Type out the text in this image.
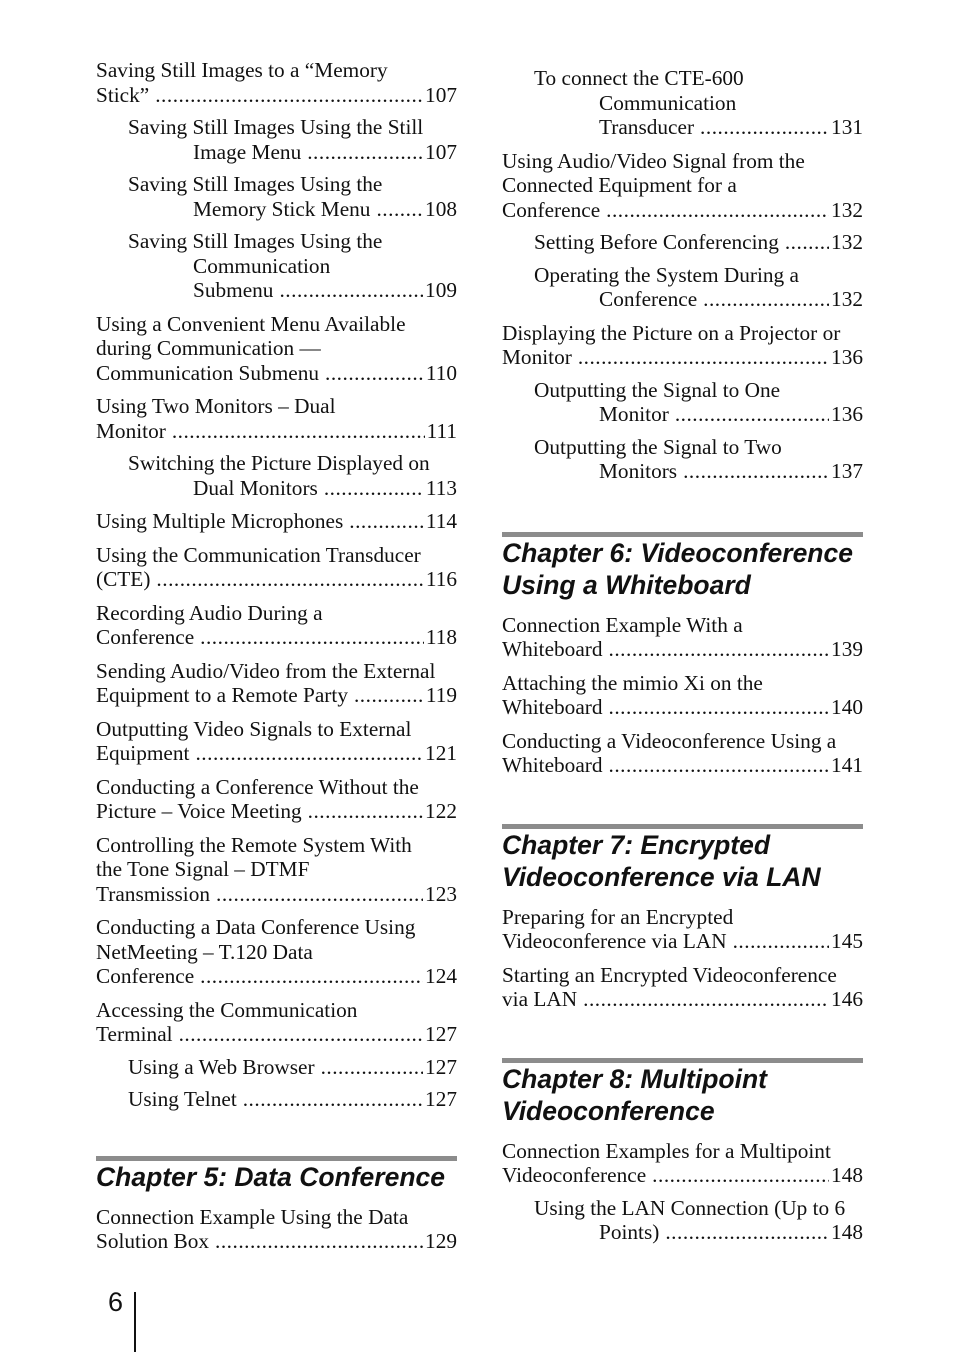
Saving Still Images to a “Memory
Stick” .....	107
Saving Still Images Using the Still
Image Menu .....	107
Saving Still Images Using the
Memory Stick Menu .....	108
Saving Still Images Using the
Communication
Submenu .....	109
Using a Convenient Menu Available
during Communication —
Communication Submenu .....	110
Using Two Monitors – Dual
Monitor .....	111
Switching the Picture Displayed on
Dual Monitors .....	113
Using Multiple Microphones .....	114
Using the Communication Transducer
(CTE) .....	116
Recording Audio During a
Conference .....	118
Sending Audio/Video from the External
Equipment to a Remote Party .....	119
Outputting Video Signals to External
Equipment .....	121
Conducting a Conference Without the
Picture – Voice Meeting .....	122
Controlling the Remote System With
the Tone Signal – DTMF
Transmission .....	123
Conducting a Data Conference Using
NetMeeting – T.120 Data
Conference .....	124
Accessing the Communication
Terminal .....	127
Using a Web Browser .....	127
Using Telnet .....	127
Chapter 5: Data Conference
Connection Example Using the Data
Solution Box .....	129
To connect the CTE-600
Communication
Transducer .....	131
Using Audio/Video Signal from the
Connected Equipment for a
Conference .....	132
Setting Before Conferencing ..... 132
Operating the System During a
Conference .....	132
Displaying the Picture on a Projector or
Monitor .....	136
Outputting the Signal to One
Monitor .....	136
Outputting the Signal to Two
Monitors .....	137
Chapter 6: Videoconference
Using a Whiteboard
Connection Example With a
Whiteboard .....	139
Attaching the mimio Xi on the
Whiteboard .....	140
Conducting a Videoconference Using a
Whiteboard .....	141
Chapter 7: Encrypted
Videoconference via LAN
Preparing for an Encrypted
Videoconference via LAN .....	145
Starting an Encrypted Videoconference
via LAN .....	146
Chapter 8: Multipoint
Videoconference
Connection Examples for a Multipoint
Videoconference .....	148
Using the LAN Connection (Up to 6
Points) .....	148
6
